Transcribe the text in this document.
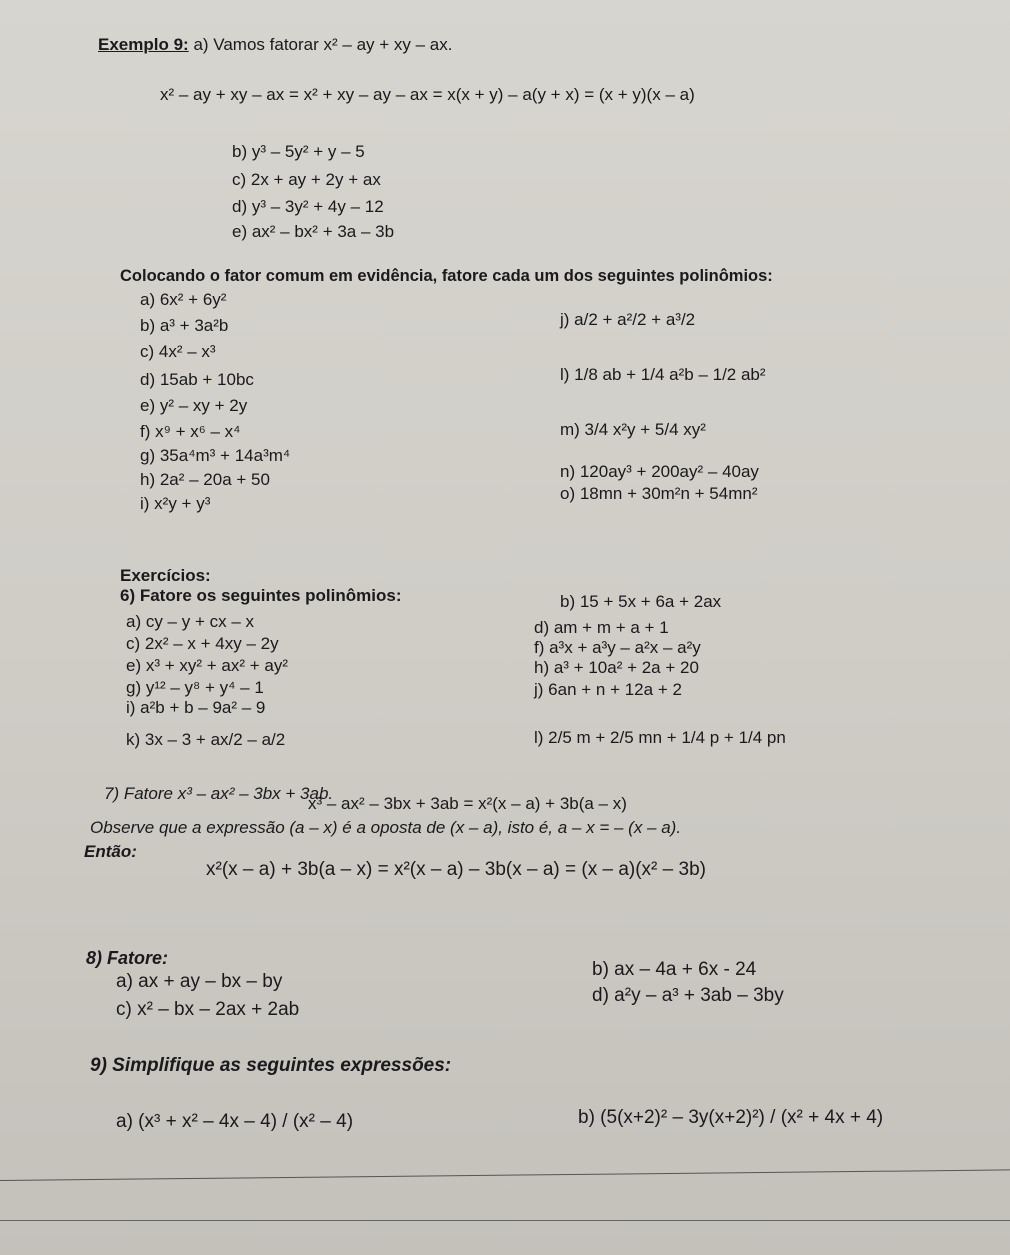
Exemplo 9: a) Vamos fatorar x² – ay + xy – ax.
x² – ay + xy – ax = x² + xy – ay – ax = x(x + y) – a(y + x) = (x + y)(x – a)
b) y³ – 5y² + y – 5
c) 2x + ay + 2y + ax
d) y³ – 3y² + 4y – 12
e) ax² – bx² + 3a – 3b
Colocando o fator comum em evidência, fatore cada um dos seguintes polinômios:
a) 6x² + 6y²
b) a³ + 3a²b
c) 4x² – x³
d) 15ab + 10bc
e) y² – xy + 2y
f) x⁹ + x⁶ – x⁴
g) 35a⁴m³ + 14a³m⁴
h) 2a² – 20a + 50
i) x²y + y³
j) a/2 + a²/2 + a³/2
l) 1/8 ab + 1/4 a²b – 1/2 ab²
m) 3/4 x²y + 5/4 xy²
n) 120ay³ + 200ay² – 40ay
o) 18mn + 30m²n + 54mn²
Exercícios:
6) Fatore os seguintes polinômios:
a) cy – y + cx – x
c) 2x² – x + 4xy – 2y
e) x³ + xy² + ax² + ay²
g) y¹² – y⁸ + y⁴ – 1
i) a²b + b – 9a² – 9
k) 3x – 3 + ax/2 – a/2
b) 15 + 5x + 6a + 2ax
d) am + m + a + 1
f) a³x + a³y – a²x – a²y
h) a³ + 10a² + 2a + 20
j) 6an + n + 12a + 2
l) 2/5 m + 2/5 mn + 1/4 p + 1/4 pn
7) Fatore x³ – ax² – 3bx + 3ab.
x³ – ax² – 3bx + 3ab = x²(x – a) + 3b(a – x)
Observe que a expressão (a – x) é a oposta de (x – a), isto é, a – x = – (x – a).
Então:
x²(x – a) + 3b(a – x) = x²(x – a) – 3b(x – a) = (x – a)(x² – 3b)
8) Fatore:
a) ax + ay – bx – by
b) ax – 4a + 6x - 24
c) x² – bx – 2ax + 2ab
d) a²y – a³ + 3ab – 3by
9) Simplifique as seguintes expressões:
a) (x³ + x² – 4x – 4) / (x² – 4)	b) (5(x+2)² – 3y(x+2)²) / (x² + 4x + 4)
